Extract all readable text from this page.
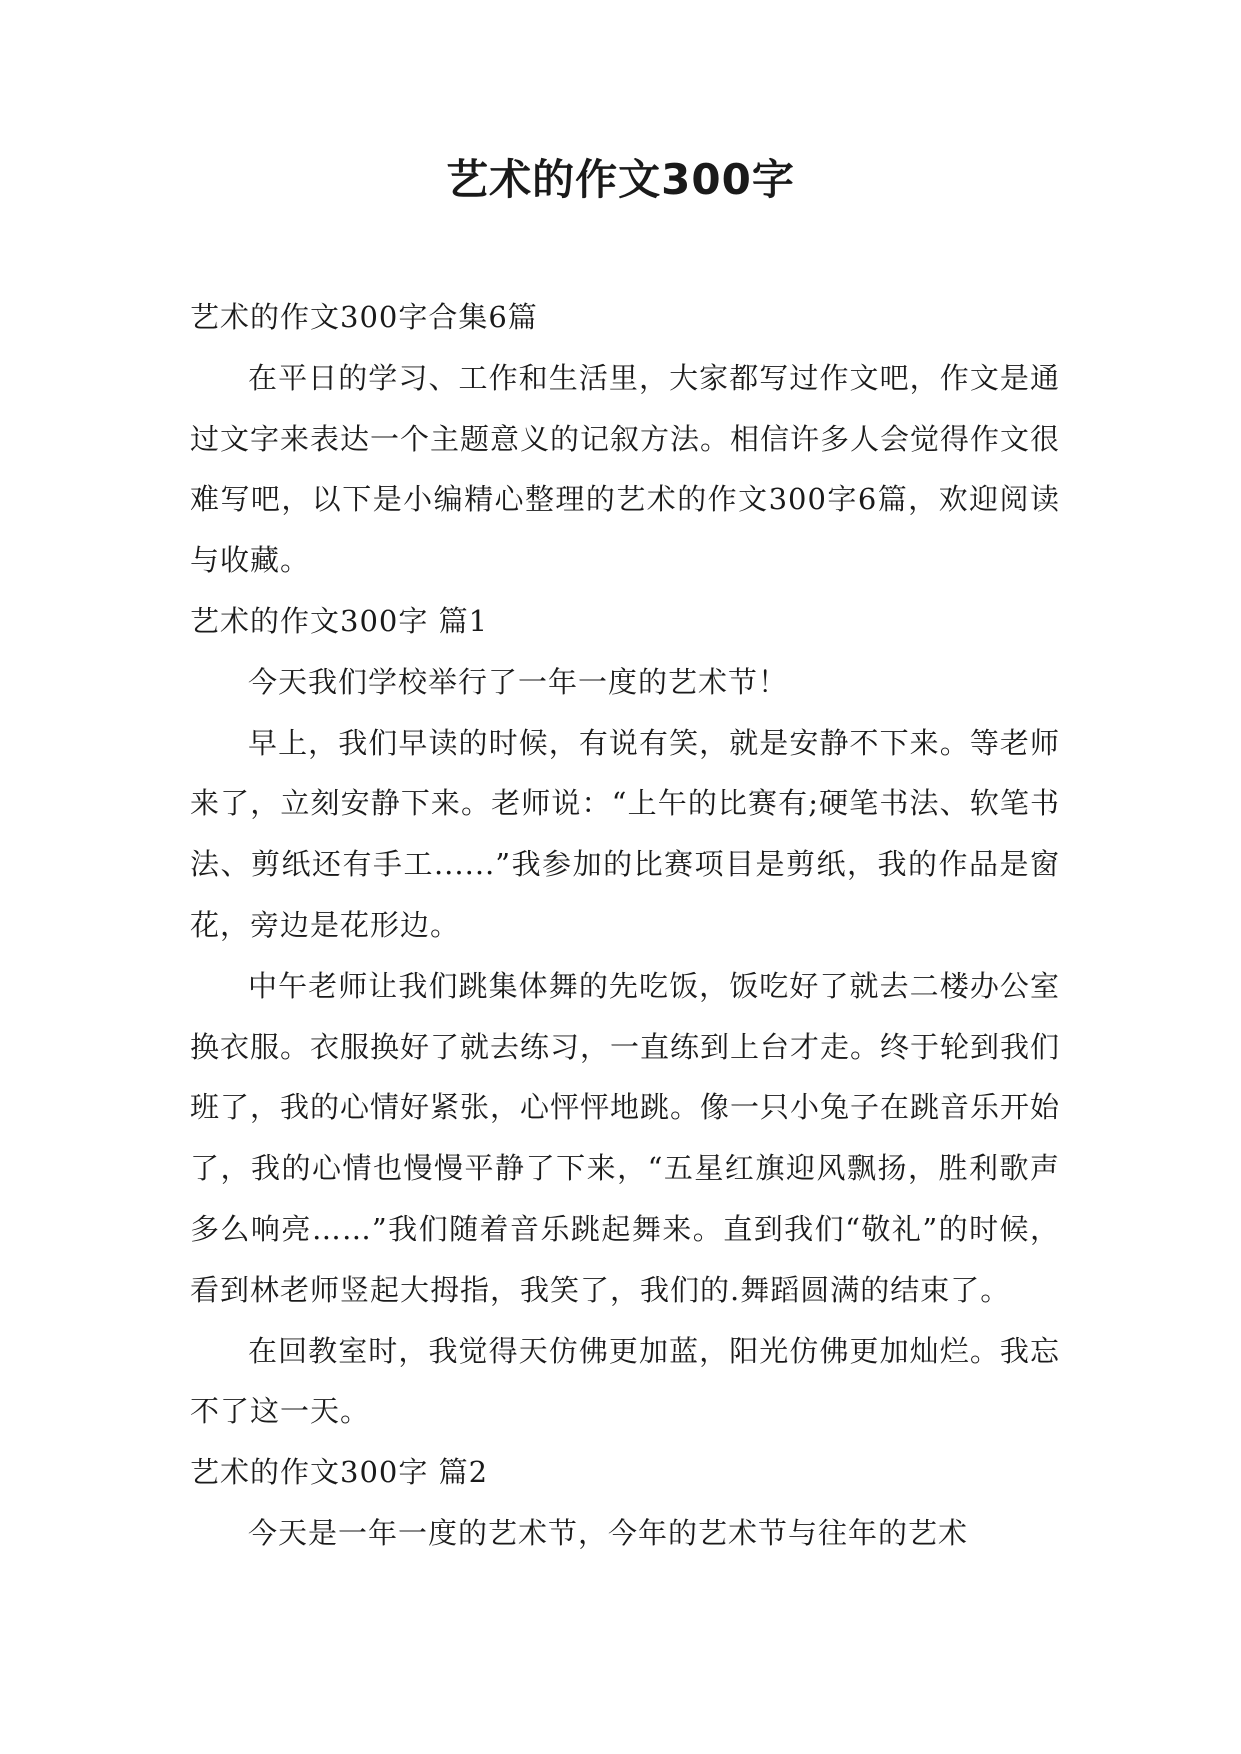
艺术的作文300字

艺术的作文300字合集6篇

在平日的学习、工作和生活里，大家都写过作文吧，作文是通过文字来表达一个主题意义的记叙方法。相信许多人会觉得作文很难写吧，以下是小编精心整理的艺术的作文300字6篇，欢迎阅读与收藏。

艺术的作文300字 篇1

今天我们学校举行了一年一度的艺术节！

早上，我们早读的时候，有说有笑，就是安静不下来。等老师来了，立刻安静下来。老师说：“上午的比赛有;硬笔书法、软笔书法、剪纸还有手工......”我参加的比赛项目是剪纸，我的作品是窗花，旁边是花形边。

中午老师让我们跳集体舞的先吃饭，饭吃好了就去二楼办公室换衣服。衣服换好了就去练习，一直练到上台才走。终于轮到我们班了，我的心情好紧张，心怦怦地跳。像一只小兔子在跳音乐开始了，我的心情也慢慢平静了下来，“五星红旗迎风飘扬，胜利歌声多么响亮……”我们随着音乐跳起舞来。直到我们“敬礼”的时候，看到林老师竖起大拇指，我笑了，我们的.舞蹈圆满的结束了。

在回教室时，我觉得天仿佛更加蓝，阳光仿佛更加灿烂。我忘不了这一天。

艺术的作文300字 篇2

今天是一年一度的艺术节，今年的艺术节与往年的艺术
